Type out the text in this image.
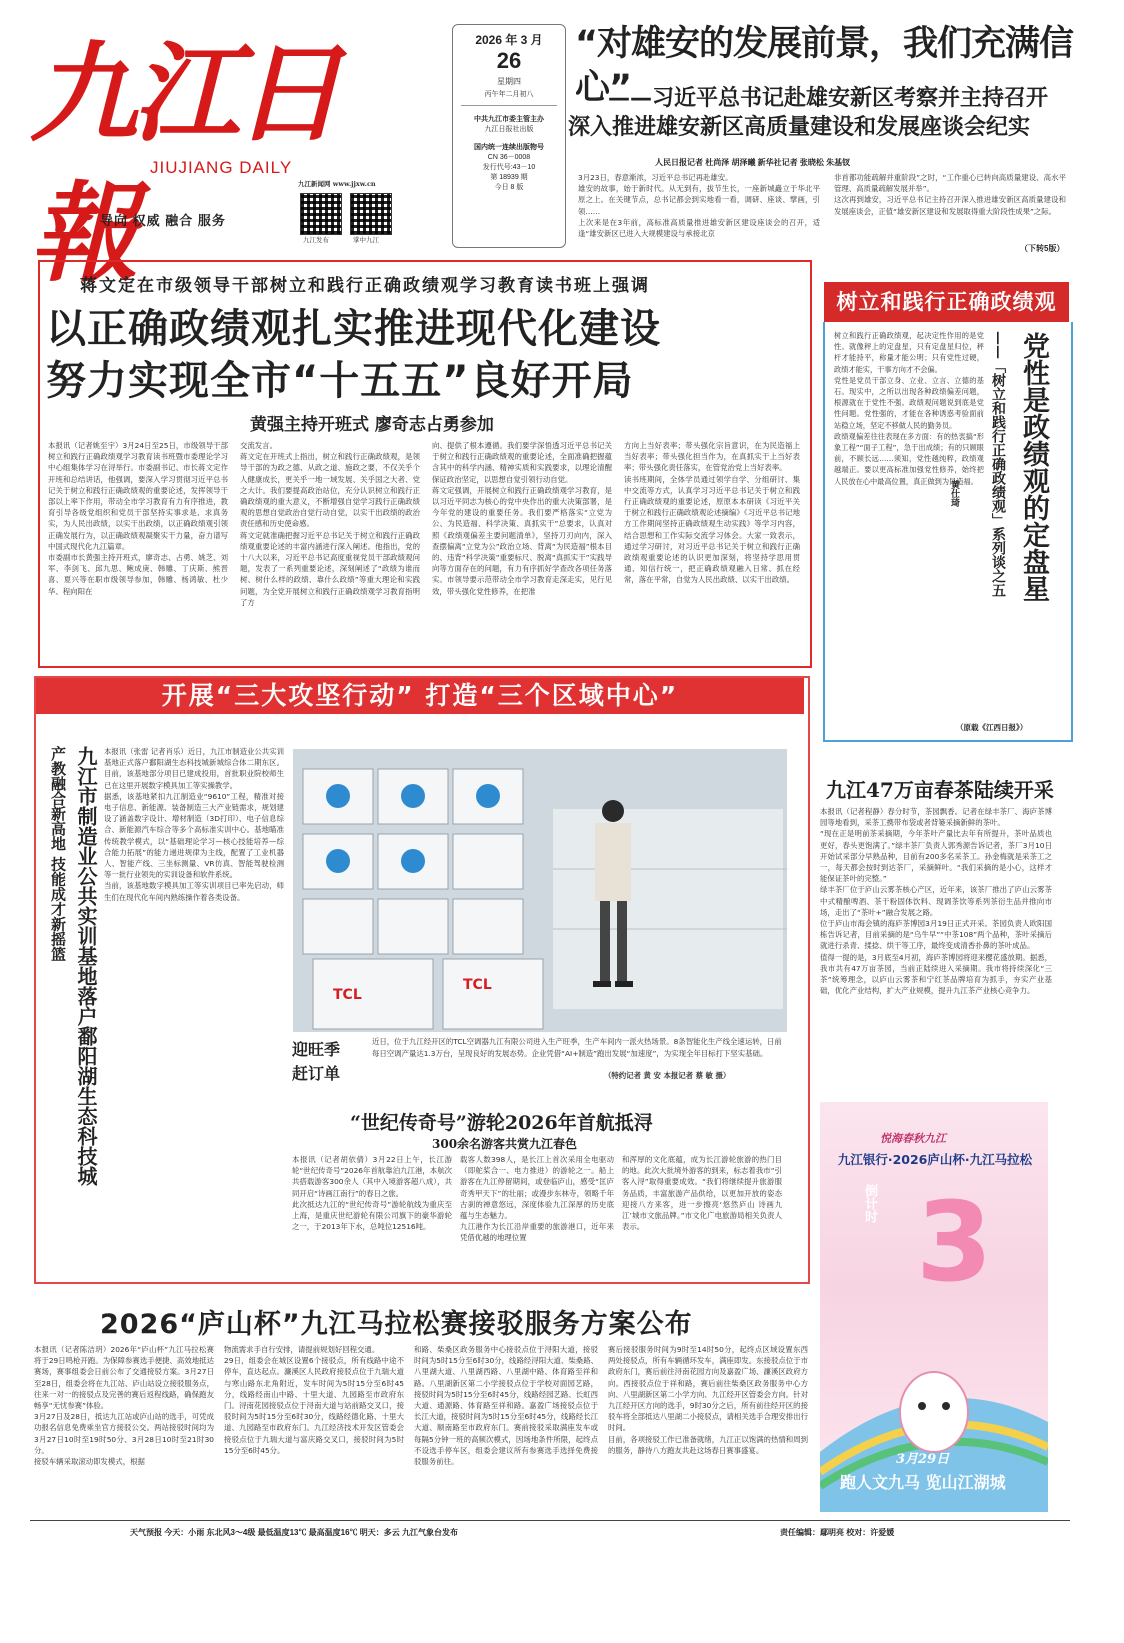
九江日報
JIUJIANG DAILY
导向 权威 融合 服务
九江新闻网 www.jjxw.cn
九江发布	掌中九江
2026 年 3 月
26
星期四
丙午年二月初八
中共九江市委主管主办
九江日报社出版
国内统一连续出版物号
CN 36－0008
发行代号:43－10
第 18939 期
今日 8 版
“对雄安的发展前景，我们充满信心”
——习近平总书记赴雄安新区考察并主持召开
深入推进雄安新区高质量建设和发展座谈会纪实
人民日报记者 杜尚泽 胡泽曦 新华社记者 张晓松 朱基钗
3月23日，春意渐浓，习近平总书记再赴雄安。
雄安的故事，始于新时代。从无到有，拔节生长，一座新城矗立于华北平原之上。在关键节点，总书记都会到实地看一看，调研、座谈、擘画，引领……
上次来是在3年前，高标准高质量推进雄安新区建设座谈会的召开，适逢“雄安新区已进入大规模建设与承接北京
非首都功能疏解并重阶段”之时，“工作重心已转向高质量建设、高水平管理、高质量疏解发展并举”。
这次再到雄安，习近平总书记主持召开深入推进雄安新区高质量建设和发展座谈会，正值“雄安新区建设和发展取得重大阶段性成果”之际。
（下转5版）
蒋文定在市级领导干部树立和践行正确政绩观学习教育读书班上强调
以正确政绩观扎实推进现代化建设
努力实现全市“十五五”良好开局
黄强主持开班式 廖奇志占勇参加
本报讯（记者姚至宇）3月24日至25日，市级领导干部树立和践行正确政绩观学习教育读书班暨市委理论学习中心组集体学习在浔举行。市委副书记、市长蒋文定作开班和总结讲话，他强调，要深入学习贯彻习近平总书记关于树立和践行正确政绩观的重要论述，发挥领导干部以上率下作用，带动全市学习教育有力有序推进，教育引导各级党组织和党员干部坚持实事求是、求真务实，为人民出政绩，以实干出政绩，以正确政绩观引领正确发展行为，以正确政绩观凝聚实干力量，奋力谱写中国式现代化九江篇章。
市委副市长黄强主持开班式，廖奇志、占勇、姚芝、刘军、李剑飞、邱九思、鲍成庚、韩雕、丁庆斯、熊晋喜、夏兴等在职市级领导参加，韩雕、杨鸿敏、杜少华、程向阳在
交流发言。
蒋文定在开班式上指出，树立和践行正确政绩观，是领导干部的为政之德、从政之道、施政之要，不仅关乎个人健康成长，更关乎一地一域发展、关乎国之大者、党之大计。我们要提高政治站位，充分认识树立和践行正确政绩观的重大意义，不断增强自觉学习践行正确政绩观的思想自觉政治自觉行动自觉，以实干出政绩的政治责任感和历史使命感。
蒋文定就准确把握习近平总书记关于树立和践行正确政绩观重要论述的丰富内涵进行深入阐述。他指出，党的十八大以来，习近平总书记高度重视党员干部政绩观问题，发表了一系列重要论述，深刻阐述了“政绩为谁而树、树什么样的政绩、靠什么政绩”等重大理论和实践问题，为全党开展树立和践行正确政绩观学习教育指明了方
向、提供了根本遵循。我们要学深悟透习近平总书记关于树立和践行正确政绩观的重要论述，全面准确把握蕴含其中的科学内涵、精神实质和实践要求，以理论清醒保证政治坚定，以思想自觉引领行动自觉。
蒋文定强调，开展树立和践行正确政绩观学习教育，是以习近平同志为核心的党中央作出的重大决策部署，是今年党的建设的重要任务。我们要严格落实“立党为公、为民造福、科学决策、真抓实干”总要求，认真对照《政绩观偏差主要问题清单》，坚持刀刃向内，深入查摆偏离“立党为公”政治立场、背离“为民造福”根本目的、违背“科学决策”重要标尺、脱离“真抓实干”实践导向等方面存在的问题，有力有序抓好学查改各项任务落实。市领导要示范带动全市学习教育走深走实，见行见效，带头强化党性修养，在把准
方向上当好表率；带头强化宗旨意识，在为民造福上当好表率；带头强化担当作为，在真抓实干上当好表率；带头强化责任落实，在管党治党上当好表率。
读书班期间，全体学员通过领学自学、分组研讨、集中交流等方式，认真学习习近平总书记关于树立和践行正确政绩观的重要论述，原原本本研读《习近平关于树立和践行正确政绩观论述摘编》《习近平总书记地方工作期间坚持正确政绩观生动实践》等学习内容，结合思想和工作实际交流学习体会。大家一致表示，通过学习研讨，对习近平总书记关于树立和践行正确政绩观重要论述的认识更加深刻，将坚持学思用贯通、知信行统一，把正确政绩观融入日常、抓在经常，落在平常，自觉为人民出政绩、以实干出政绩。
树立和践行正确政绩观
树立和践行正确政绩观，起决定性作用的是党性。就像秤上的定盘星，只有定盘星归位，秤杆才能持平，称量才能公明；只有党性过硬，政绩才能实，干事方向才不会偏。
党性是党员干部立身、立业、立言、立德的基石。现实中，之所以出现各种政绩偏差问题，根源就在于党性不强。政绩观问题说到底是党性问题。党性强的，才能在各种诱惑考验面前站稳立场，坚定不移做人民的勤务员。
政绩观偏差往往表现在多方面：有的热衷搞“形象工程”“面子工程”，急于出成绩；有的只顾眼前，不顾长远……须知，党性越纯粹，政绩观越端正。要以更高标准加强党性修养，始终把人民放在心中最高位置，真正做到为民造福。 ——「树立和践行正确政绩观」系列谈之五
黄仕琦 党性是政绩观的定盘星
（原载《江西日报》）
开展“三大攻坚行动” 打造“三个区域中心”
九江市制造业公共实训基地落户鄱阳湖生态科技城
产教融合新高地 技能成才新摇篮	本报讯（张雷 记者肖乐）近日，九江市制造业公共实训基地正式落户鄱阳湖生态科技城新城综合体二期东区。目前，该基地部分项目已建成投用，首批职业院校师生已在这里开展数字模具加工等实操教学。
据悉，该基地紧扣九江制造业“9610”工程，精准对接电子信息、新能源、装备制造三大产业链需求，规划建设了涵盖数字设计、增材制造（3D打印）、电子信息综合、新能源汽车综合等多个高标准实训中心。基地瞄准传统教学模式，以“基础理论学习—核心技能培养—综合能力拓展”的能力递进规律为主线，配置了工业机器人、智能产线、三坐标测量、VR仿真、智能驾驶检测等一批行业领先的实训设备和软件系统。
当前，该基地数字模具加工等实训项目已率先启动，师生们在现代化车间内熟练操作着各类设备。
TCL
TCL
迎旺季
赶订单
近日，位于九江经开区的TCL空调器九江有限公司进入生产旺季，生产车间内一派火热场景。8条智能化生产线全速运转，日前每日空调产量达1.3万台，呈现良好的发展态势。企业凭借“AI+制造”跑出发展“加速度”，为实现全年目标打下坚实基础。
（特约记者 黄 安 本报记者 蔡 敏 摄）
“世纪传奇号”游轮2026年首航抵浔
300余名游客共赏九江春色
本报讯（记者胡依倩）3月22日上午，长江游轮“世纪传奇号”2026年首航靠泊九江港，本航次共搭载游客300余人（其中入境游客超八成），共同开启“诗画江南行”的春日之旅。
此次抵达九江的“世纪传奇号”游轮航线为重庆至上海，是重庆世纪游轮有限公司旗下的豪华游轮之一，于2013年下水，总吨位12516吨。
载客人数398人，是长江上首次采用全电驱动（即舵桨合一、电力推进）的游轮之一。船上游客在九江停留期间，或登临庐山，感受“匡庐奇秀甲天下”的壮丽；或漫步东林寺，领略千年古刹的禅意悠远，深度体验九江深厚的历史底蕴与生态魅力。
九江港作为长江沿岸重要的旅游港口，近年来凭借优越的地理位置
和浑厚的文化底蕴，成为长江游轮旅游的热门目的地。此次大批境外游客的到来，标志着我市“引客入浔”取得重要成效。“我们将继续提升旅游服务品质，丰富旅游产品供给，以更加开放的姿态迎接八方来客，进一步擦亮‘悠然庐山 诗画九江’城市文旅品牌。”市文化广电旅游局相关负责人表示。
九江47万亩春茶陆续开采
本报讯（记者程静）春分时节，茶园飘香。记者在绿丰茶厂、海庐茶博园等地看到，采茶工携带布袋或者背篓采摘新鲜的茶叶。
“现在正是明前茶采摘期，今年茶叶产量比去年有所提升，茶叶品质也更好，春头更饱满了。”绿丰茶厂负责人郭秀源告诉记者，茶厂3月10日开始试采部分早熟品种，目前有200多名采茶工。孙金梅就是采茶工之一，每天都会按时到达茶厂，采摘鲜叶。“我们采摘的是小心，这样才能保证茶叶的完整。”
绿丰茶厂位于庐山云雾茶核心产区，近年来，该茶厂推出了庐山云雾茶中式精酿啤酒、茶干粉固体饮料、现调茶饮等系列茶衍生品并推向市场，走出了“茶叶+”融合发展之路。
位于庐山市海会镇的海庐茶博园3月19日正式开采。茶园负责人欧阳国栋告诉记者，目前采摘的是“乌牛早”“中茶108”两个品种，茶叶采摘后就进行杀青、揉捻、烘干等工序，最终变成清香扑鼻的茶叶成品。
值得一提的是，3月底至4月初，海庐茶博园将迎来樱花盛放期。据悉，我市共有47万亩茶园，当前正陆续进入采摘期。我市将持续深化“三茶”统筹理念，以庐山云雾茶和宁红茶品牌培育为抓手，夯实产业基础，优化产业结构，扩大产业规模，提升九江茶产业核心竞争力。
悦海春秋九江
九江银行·2026庐山杯·九江马拉松
倒计时 3
3月29日
跑人文九马 览山江湖城
2026“庐山杯”九江马拉松赛接驳服务方案公布
本报讯（记者陈洁玥）2026年“庐山杯”九江马拉松赛将于29日鸣枪开跑。为保障参赛选手便捷、高效地抵达赛场，赛事组委会日前公布了交通接驳方案。3月27日至28日，组委会将在九江站、庐山站设立接驳服务点，往来一对一的接驳点及完善的赛后返程线路，确保跑友畅享“无忧参赛”体验。
3月27日及28日，抵达九江站或庐山站的选手，可凭成功报名信息免费乘坐官方接驳公交。两站接驳时间均为3月27日10时至19时50分、3月28日10时至21时30分。
接驳车辆采取滚动即发模式，根据
物流需求手自行安排，请提前规划好回程交通。
29日，组委会在城区设置6个接驳点，所有线路中途不停车，直达起点。濂溪区人民政府接驳点位于九瑞大道与寒山路东北角附近，发车时间为5时15分至6时45分，线路经南山中路、十里大道、九园路至市政府东门。浔南花园接驳点位于浔南大道与站前路交叉口，接驳时间为5时15分至6时30分，线路经德化路、十里大道、九园路至市政府东门。九江经济技术开发区管委会接驳点位于九瑞大道与富庆路交叉口，接驳时间为5时15分至6时45分。
和路、柴桑区政务服务中心接驳点位于浔阳大道，接驳时间为5时15分至6时30分，线路经浔阳大道、柴桑路、八里湖大道、八里湖西路、八里湖中路、体育路至祥和路。八里湖新区第二小学接驳点位于学校对面园艺路，接驳时间为5时15分至6时45分，线路经园艺路、长虹西大道、通源路、体育路至祥和路。嘉盈广场接驳点位于长江大道，接驳时间为5时15分至6时45分，线路经长江大道、顺南路至市政府东门。赛前接驳采取满座发车或每隔5分钟一班的高频次模式，因场地条件所限，起终点不设选手停车区，组委会建议所有参赛选手选择免费接驳服务前往。
赛后接驳服务时间为9时至14时50分，起终点区域设置东西两处接驳点，所有车辆循环发车，满座即发。东接驳点位于市政府东门，赛后前往浔南花园方向及嘉盈广场、濂溪区政府方向。西接驳点位于祥和路，赛后前往柴桑区政务服务中心方向、八里湖新区第二小学方向、九江经开区管委会方向。针对九江经开区方向的选手，9时30分之后，所有前往经开区的接驳车将全部抵达八里湖二小接驳点，请相关选手合理安排出行时间。
目前，各项接驳工作已准备就绪，九江正以饱满的热情和周到的服务，静待八方跑友共赴这场春日赛事盛宴。
天气预报 今天：小雨 东北风3～4级 最低温度13℃ 最高温度16℃ 明天：多云 九江气象台发布	责任编辑：鄢明亮 校对：许爱媛
